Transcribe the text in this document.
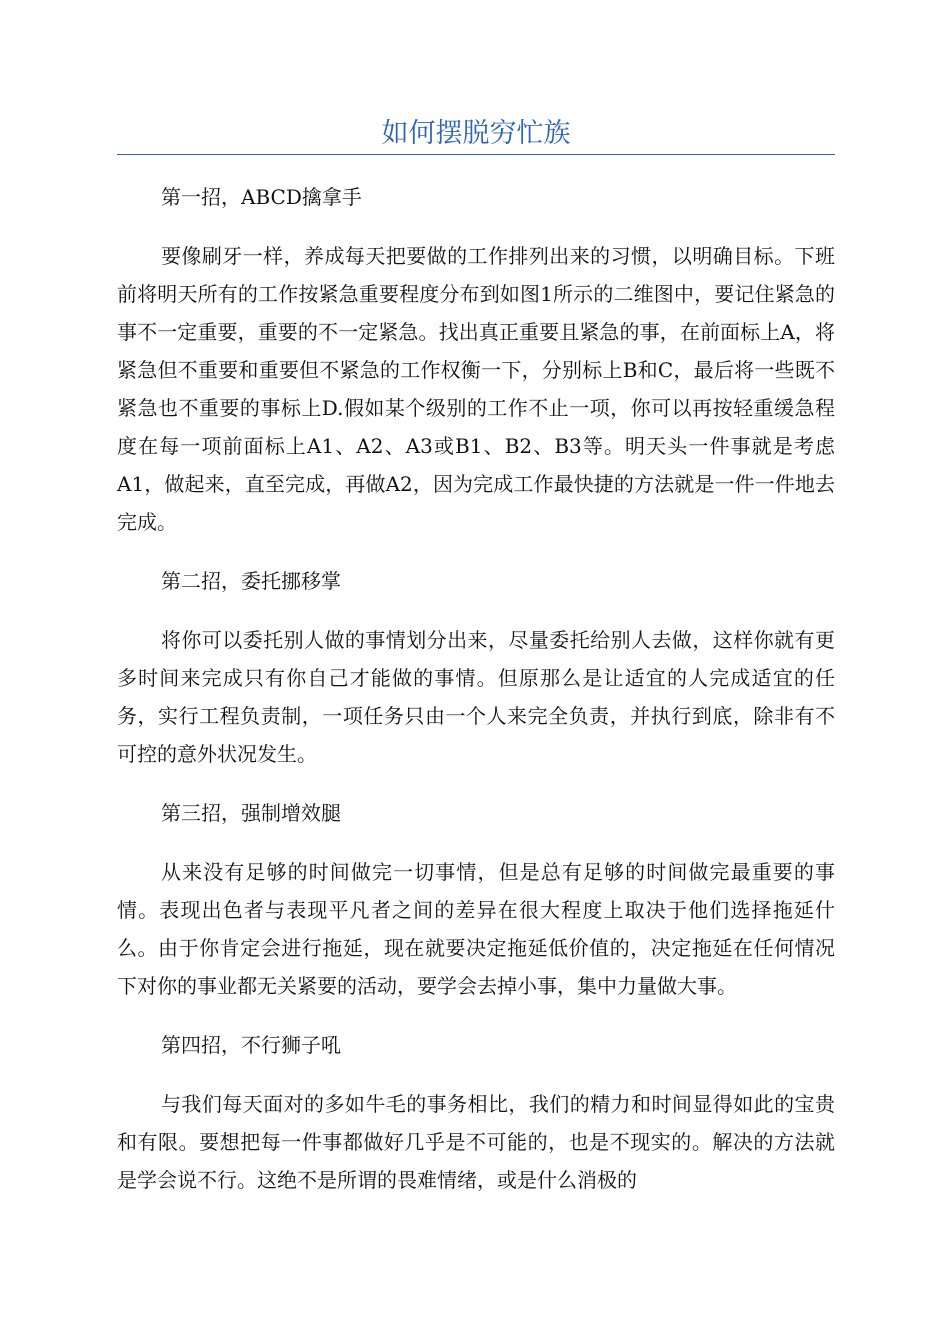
如何摆脱穷忙族

第一招，ABCD擒拿手

要像刷牙一样，养成每天把要做的工作排列出来的习惯，以明确目标。下班前将明天所有的工作按紧急重要程度分布到如图1所示的二维图中，要记住紧急的事不一定重要，重要的不一定紧急。找出真正重要且紧急的事，在前面标上A，将紧急但不重要和重要但不紧急的工作权衡一下，分别标上B和C，最后将一些既不紧急也不重要的事标上D.假如某个级别的工作不止一项，你可以再按轻重缓急程度在每一项前面标上A1、A2、A3或B1、B2、B3等。明天头一件事就是考虑A1，做起来，直至完成，再做A2，因为完成工作最快捷的方法就是一件一件地去完成。

第二招，委托挪移掌

将你可以委托别人做的事情划分出来，尽量委托给别人去做，这样你就有更多时间来完成只有你自己才能做的事情。但原那么是让适宜的人完成适宜的任务，实行工程负责制，一项任务只由一个人来完全负责，并执行到底，除非有不可控的意外状况发生。

第三招，强制增效腿

从来没有足够的时间做完一切事情，但是总有足够的时间做完最重要的事情。表现出色者与表现平凡者之间的差异在很大程度上取决于他们选择拖延什么。由于你肯定会进行拖延，现在就要决定拖延低价值的，决定拖延在任何情况下对你的事业都无关紧要的活动，要学会去掉小事，集中力量做大事。

第四招，不行狮子吼

与我们每天面对的多如牛毛的事务相比，我们的精力和时间显得如此的宝贵和有限。要想把每一件事都做好几乎是不可能的，也是不现实的。解决的方法就是学会说不行。这绝不是所谓的畏难情绪，或是什么消极的
